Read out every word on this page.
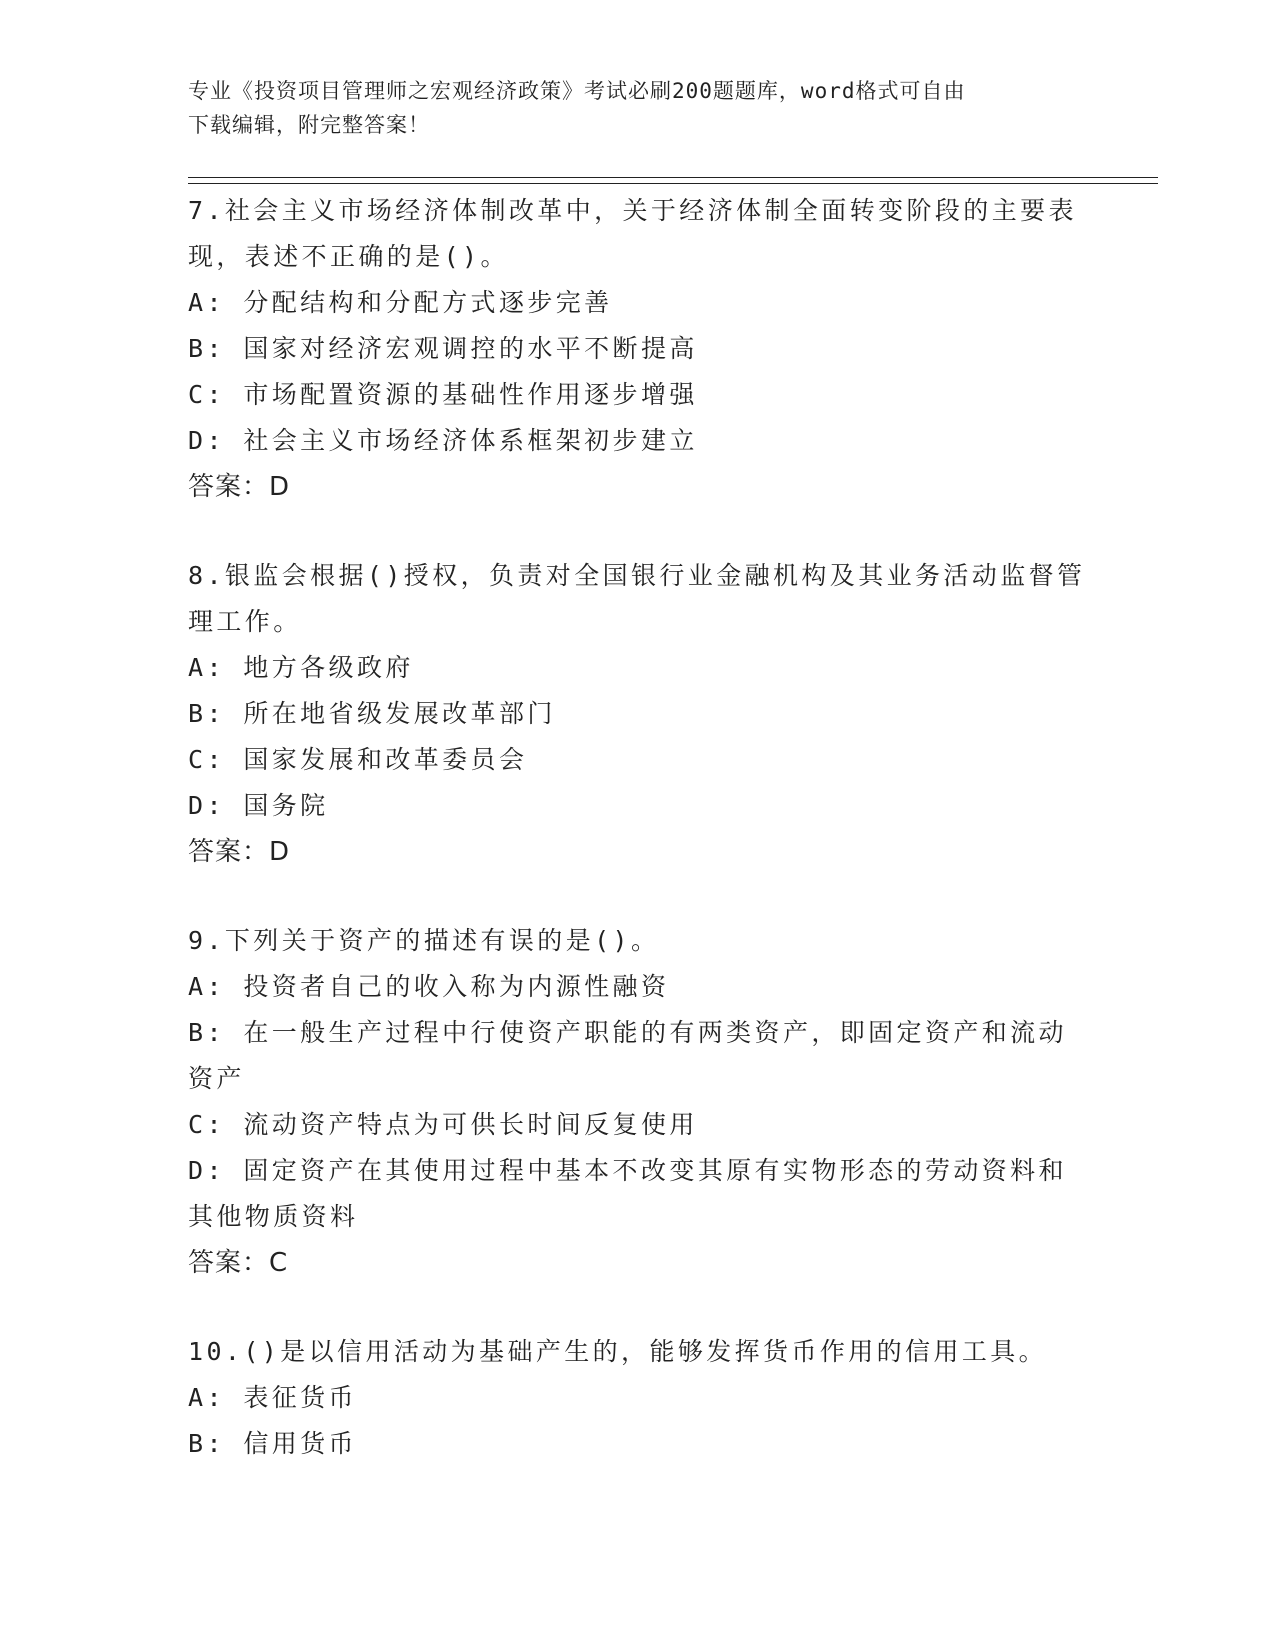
专业《投资项目管理师之宏观经济政策》考试必刷200题题库，word格式可自由
下载编辑，附完整答案！
7.社会主义市场经济体制改革中，关于经济体制全面转变阶段的主要表现，表述不正确的是()。
A: 分配结构和分配方式逐步完善
B: 国家对经济宏观调控的水平不断提高
C: 市场配置资源的基础性作用逐步增强
D: 社会主义市场经济体系框架初步建立
答案：D
8.银监会根据()授权，负责对全国银行业金融机构及其业务活动监督管理工作。
A: 地方各级政府
B: 所在地省级发展改革部门
C: 国家发展和改革委员会
D: 国务院
答案：D
9.下列关于资产的描述有误的是()。
A: 投资者自己的收入称为内源性融资
B: 在一般生产过程中行使资产职能的有两类资产，即固定资产和流动资产
C: 流动资产特点为可供长时间反复使用
D: 固定资产在其使用过程中基本不改变其原有实物形态的劳动资料和其他物质资料
答案：C
10.()是以信用活动为基础产生的，能够发挥货币作用的信用工具。
A: 表征货币
B: 信用货币
